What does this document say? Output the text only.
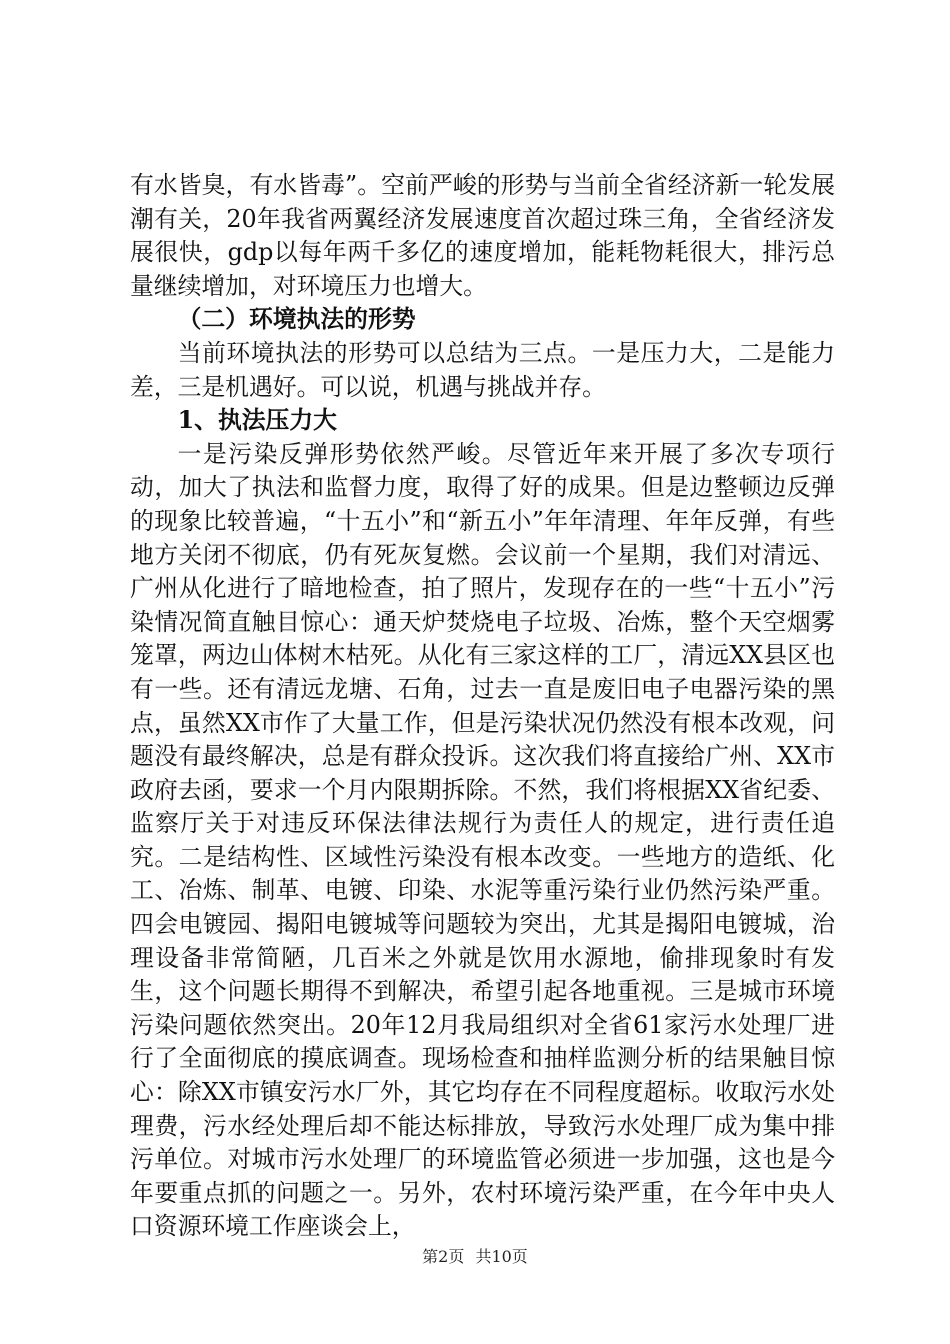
有水皆臭，有水皆毒”。空前严峻的形势与当前全省经济新一轮发展潮有关，20年我省两翼经济发展速度首次超过珠三角，全省经济发展很快，gdp以每年两千多亿的速度增加，能耗物耗很大，排污总量继续增加，对环境压力也增大。

（二）环境执法的形势

当前环境执法的形势可以总结为三点。一是压力大，二是能力差，三是机遇好。可以说，机遇与挑战并存。

1、执法压力大

一是污染反弹形势依然严峻。尽管近年来开展了多次专项行动，加大了执法和监督力度，取得了好的成果。但是边整顿边反弹的现象比较普遍，“十五小”和“新五小”年年清理、年年反弹，有些地方关闭不彻底，仍有死灰复燃。会议前一个星期，我们对清远、广州从化进行了暗地检查，拍了照片，发现存在的一些“十五小”污染情况简直触目惊心：通天炉焚烧电子垃圾、冶炼，整个天空烟雾笼罩，两边山体树木枯死。从化有三家这样的工厂，清远XX县区也有一些。还有清远龙塘、石角，过去一直是废旧电子电器污染的黑点，虽然XX市作了大量工作，但是污染状况仍然没有根本改观，问题没有最终解决，总是有群众投诉。这次我们将直接给广州、XX市政府去函，要求一个月内限期拆除。不然，我们将根据XX省纪委、监察厅关于对违反环保法律法规行为责任人的规定，进行责任追究。二是结构性、区域性污染没有根本改变。一些地方的造纸、化工、冶炼、制革、电镀、印染、水泥等重污染行业仍然污染严重。四会电镀园、揭阳电镀城等问题较为突出，尤其是揭阳电镀城，治理设备非常简陋，几百米之外就是饮用水源地，偷排现象时有发生，这个问题长期得不到解决，希望引起各地重视。三是城市环境污染问题依然突出。20年12月我局组织对全省61家污水处理厂进行了全面彻底的摸底调查。现场检查和抽样监测分析的结果触目惊心：除XX市镇安污水厂外，其它均存在不同程度超标。收取污水处理费，污水经处理后却不能达标排放，导致污水处理厂成为集中排污单位。对城市污水处理厂的环境监管必须进一步加强，这也是今年要重点抓的问题之一。另外，农村环境污染严重，在今年中央人口资源环境工作座谈会上，

第2页 共10页
